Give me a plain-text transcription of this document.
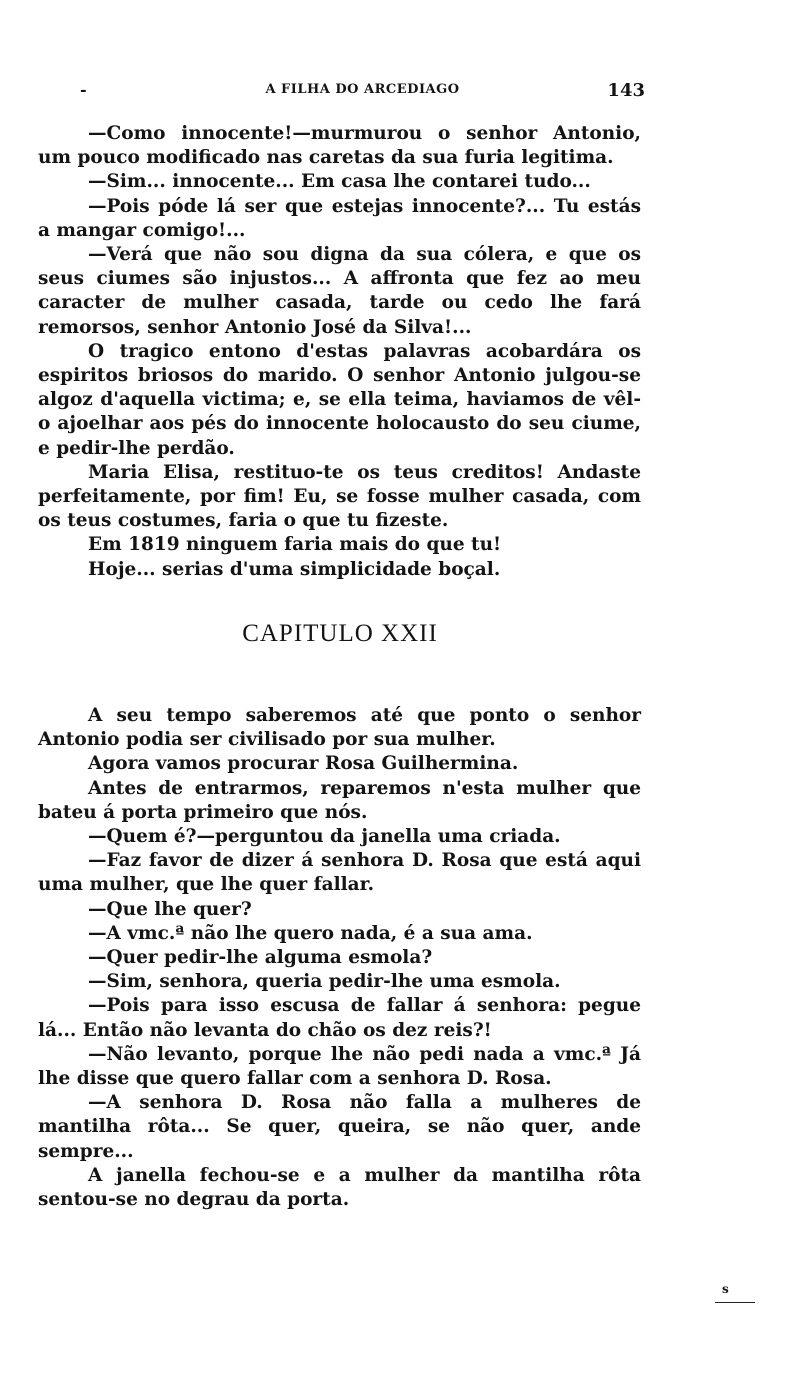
-	A FILHA DO ARCEDIAGO	143

—Como innocente!—murmurou o senhor Antonio, um pouco modificado nas caretas da sua furia legitima.

—Sim... innocente... Em casa lhe contarei tudo...

—Pois póde lá ser que estejas innocente?... Tu estás a mangar comigo!...

—Verá que não sou digna da sua cólera, e que os seus ciumes são injustos... A affronta que fez ao meu caracter de mulher casada, tarde ou cedo lhe fará remorsos, senhor Antonio José da Silva!...

O tragico entono d'estas palavras acobardára os espiritos briosos do marido. O senhor Antonio julgou-se algoz d'aquella victima; e, se ella teima, haviamos de vêl-o ajoelhar aos pés do innocente holocausto do seu ciume, e pedir-lhe perdão.

Maria Elisa, restituo-te os teus creditos! Andaste perfeitamente, por fim! Eu, se fosse mulher casada, com os teus costumes, faria o que tu fizeste.

Em 1819 ninguem faria mais do que tu!

Hoje... serias d'uma simplicidade boçal.

CAPITULO XXII

A seu tempo saberemos até que ponto o senhor Antonio podia ser civilisado por sua mulher.

Agora vamos procurar Rosa Guilhermina.

Antes de entrarmos, reparemos n'esta mulher que bateu á porta primeiro que nós.

—Quem é?—perguntou da janella uma criada.

—Faz favor de dizer á senhora D. Rosa que está aqui uma mulher, que lhe quer fallar.

—Que lhe quer?

—A vmc.ª não lhe quero nada, é a sua ama.

—Quer pedir-lhe alguma esmola?

—Sim, senhora, queria pedir-lhe uma esmola.

—Pois para isso escusa de fallar á senhora: pegue lá... Então não levanta do chão os dez reis?!

—Não levanto, porque lhe não pedi nada a vmc.ª Já lhe disse que quero fallar com a senhora D. Rosa.

—A senhora D. Rosa não falla a mulheres de mantilha rôta... Se quer, queira, se não quer, ande sempre...

A janella fechou-se e a mulher da mantilha rôta sentou-se no degrau da porta.

s
